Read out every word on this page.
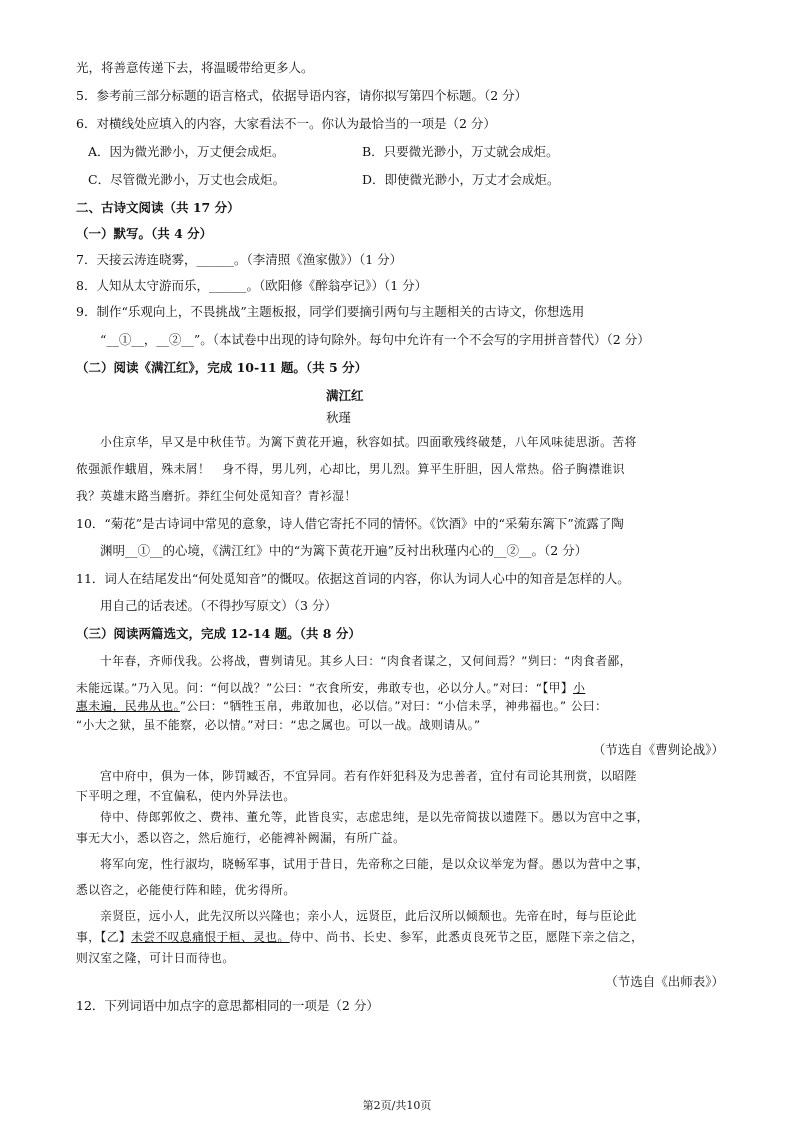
光，将善意传递下去，将温暖带给更多人。
5．参考前三部分标题的语言格式，依据导语内容，请你拟写第四个标题。（2 分）
6．对横线处应填入的内容，大家看法不一。你认为最恰当的一项是（2 分）
A．因为微光渺小，万丈便会成炬。	B．只要微光渺小，万丈就会成炬。
C．尽管微光渺小，万丈也会成炬。	D．即使微光渺小，万丈才会成炬。
二、古诗文阅读（共 17 分）
（一）默写。（共 4 分）
7．天接云涛连晓雾，______。（李清照《渔家傲》）（1 分）
8．人知从太守游而乐，______。（欧阳修《醉翁亭记》）（1 分）
9．制作“乐观向上，不畏挑战”主题板报，同学们要摘引两句与主题相关的古诗文，你想选用
“__①__，__②__”。（本试卷中出现的诗句除外。每句中允许有一个不会写的字用拼音替代）（2 分）
（二）阅读《满江红》，完成 10-11 题。（共 5 分）
满江红
秋瑾
小住京华，早又是中秋佳节。为篱下黄花开遍，秋容如拭。四面歌残终破楚，八年风味徒思浙。苦将
侬强派作蛾眉，殊未屑！　身不得，男儿列，心却比，男儿烈。算平生肝胆，因人常热。俗子胸襟谁识
我？英雄末路当磨折。莽红尘何处觅知音？青衫湿！
10．“菊花”是古诗词中常见的意象，诗人借它寄托不同的情怀。《饮酒》中的“采菊东篱下”流露了陶
渊明__①__的心境，《满江红》中的“为篱下黄花开遍”反衬出秋瑾内心的__②__。（2 分）
11．词人在结尾发出“何处觅知音”的慨叹。依据这首词的内容，你认为词人心中的知音是怎样的人。
用自己的话表述。（不得抄写原文）（3 分）
（三）阅读两篇选文，完成 12-14 题。（共 8 分）
十年春，齐师伐我。公将战，曹刿请见。其乡人曰：“肉食者谋之，又何间焉？”刿曰：“肉食者鄙，
未能远谋。”乃入见。问：“何以战？”公曰：“衣食所安，弗敢专也，必以分人。”对曰：“【甲】小
惠未遍，民弗从也。”公曰：“牺牲玉帛，弗敢加也，必以信。”对曰：“小信未孚，神弗福也。” 公曰：
“小大之狱，虽不能察，必以情。”对曰：“忠之属也。可以一战。战则请从。”
（节选自《曹刿论战》）
宫中府中，俱为一体，陟罚臧否，不宜异同。若有作奸犯科及为忠善者，宜付有司论其刑赏，以昭陛
下平明之理，不宜偏私，使内外异法也。
侍中、侍郎郭攸之、费祎、董允等，此皆良实，志虑忠纯，是以先帝简拔以遗陛下。愚以为宫中之事，
事无大小，悉以咨之，然后施行，必能裨补阙漏，有所广益。
将军向宠，性行淑均，晓畅军事，试用于昔日，先帝称之曰能，是以众议举宠为督。愚以为营中之事，
悉以咨之，必能使行阵和睦，优劣得所。
亲贤臣，远小人，此先汉所以兴隆也；亲小人，远贤臣，此后汉所以倾颓也。先帝在时，每与臣论此
事，【乙】未尝不叹息痛恨于桓、灵也。侍中、尚书、长史、参军，此悉贞良死节之臣，愿陛下亲之信之，
则汉室之隆，可计日而待也。
（节选自《出师表》）
12．下列词语中加点字的意思都相同的一项是（2 分）
第2页/共10页
